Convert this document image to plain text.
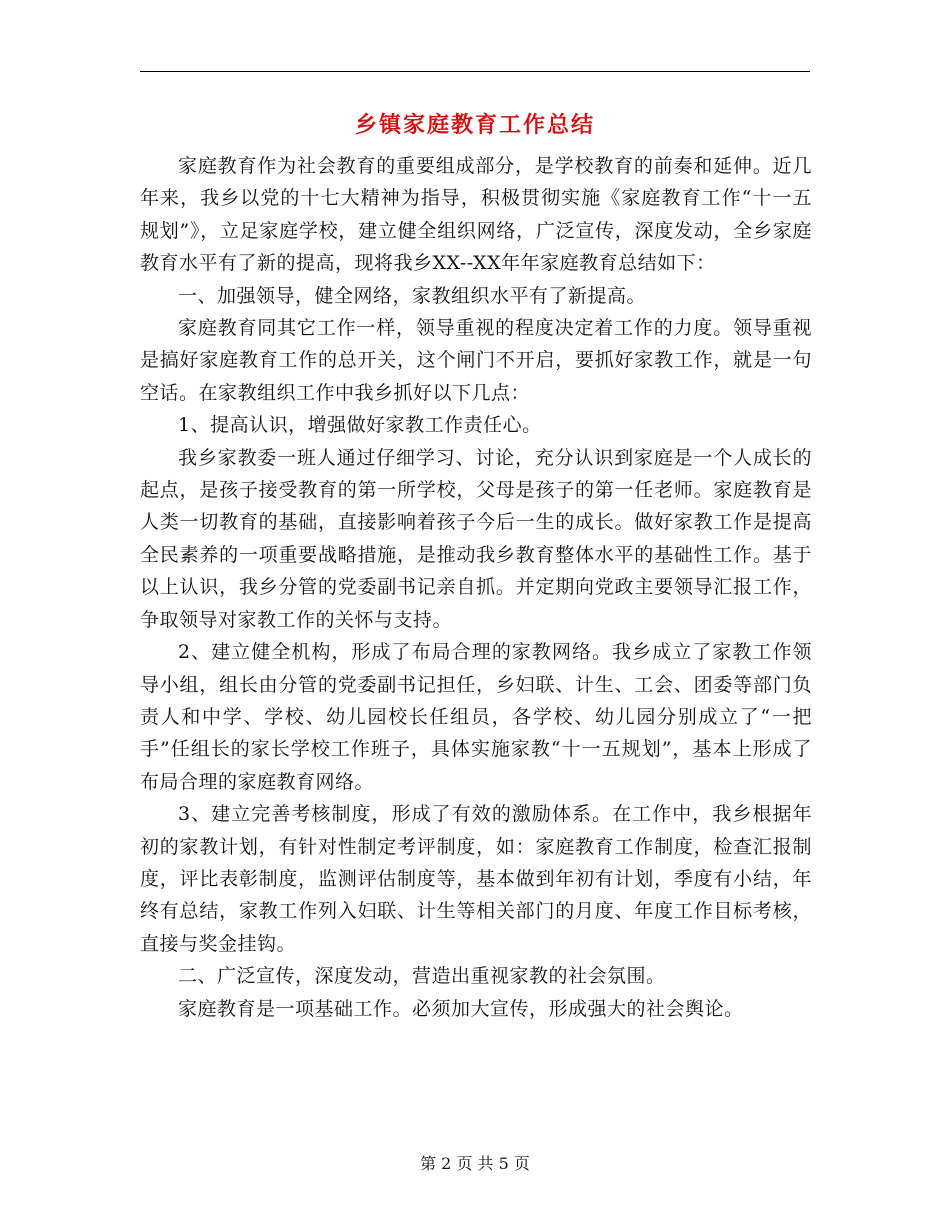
乡镇家庭教育工作总结

家庭教育作为社会教育的重要组成部分，是学校教育的前奏和延伸。近几年来，我乡以党的十七大精神为指导，积极贯彻实施《家庭教育工作“十一五规划”》，立足家庭学校，建立健全组织网络，广泛宣传，深度发动，全乡家庭教育水平有了新的提高，现将我乡XX--XX年年家庭教育总结如下：

一、加强领导，健全网络，家教组织水平有了新提高。

家庭教育同其它工作一样，领导重视的程度决定着工作的力度。领导重视是搞好家庭教育工作的总开关，这个闸门不开启，要抓好家教工作，就是一句空话。在家教组织工作中我乡抓好以下几点：

1、提高认识，增强做好家教工作责任心。

我乡家教委一班人通过仔细学习、讨论，充分认识到家庭是一个人成长的起点，是孩子接受教育的第一所学校，父母是孩子的第一任老师。家庭教育是人类一切教育的基础，直接影响着孩子今后一生的成长。做好家教工作是提高全民素养的一项重要战略措施，是推动我乡教育整体水平的基础性工作。基于以上认识，我乡分管的党委副书记亲自抓。并定期向党政主要领导汇报工作，争取领导对家教工作的关怀与支持。

2、建立健全机构，形成了布局合理的家教网络。我乡成立了家教工作领导小组，组长由分管的党委副书记担任，乡妇联、计生、工会、团委等部门负责人和中学、学校、幼儿园校长任组员，各学校、幼儿园分别成立了“一把手”任组长的家长学校工作班子，具体实施家教“十一五规划”，基本上形成了布局合理的家庭教育网络。

3、建立完善考核制度，形成了有效的激励体系。在工作中，我乡根据年初的家教计划，有针对性制定考评制度，如：家庭教育工作制度，检查汇报制度，评比表彰制度，监测评估制度等，基本做到年初有计划，季度有小结，年终有总结，家教工作列入妇联、计生等相关部门的月度、年度工作目标考核，直接与奖金挂钩。

二、广泛宣传，深度发动，营造出重视家教的社会氛围。

家庭教育是一项基础工作。必须加大宣传，形成强大的社会舆论。

第 2 页 共 5 页
